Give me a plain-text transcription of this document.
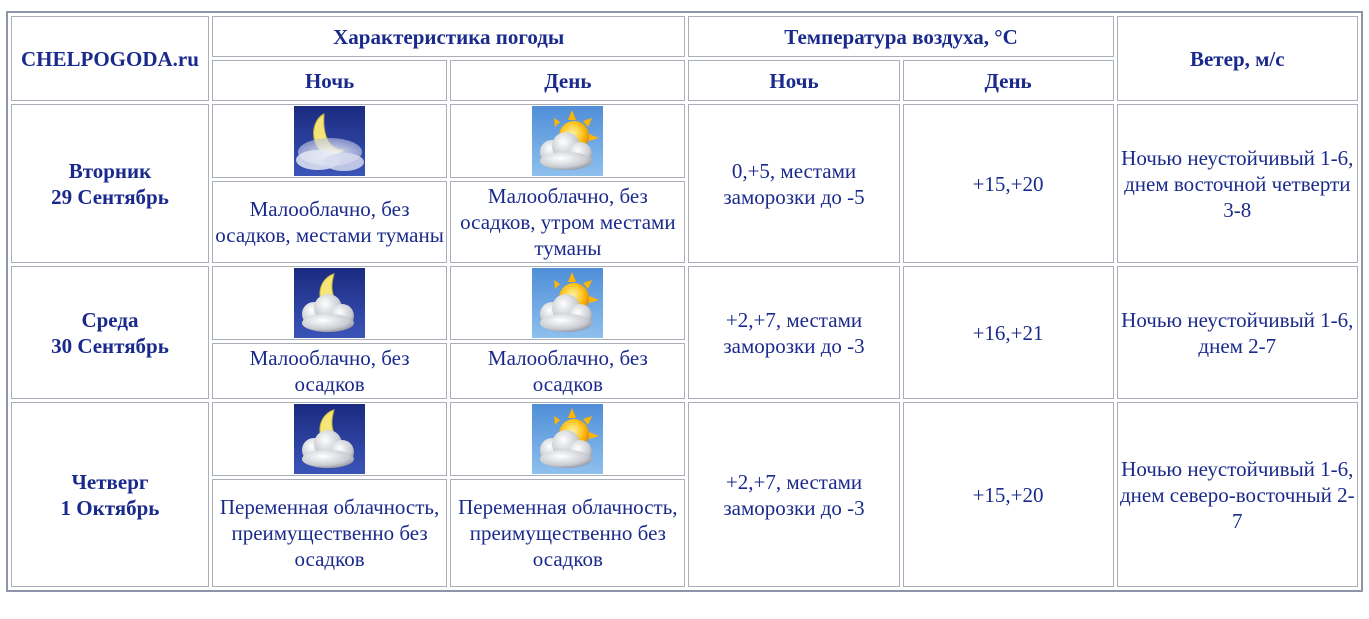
CHELPOGODA.ru	Характеристика погоды		Температура воздуха, °C		Ветер, м/с
	Ночь	День	Ночь	День	
Вторник
29 Сентябрь			0,+5, местами заморозки до -5	+15,+20	Ночью неустойчивый 1-6, днем восточной четверти 3-8
	Малооблачно, без осадков, местами туманы	Малооблачно, без осадков, утром местами туманы			
Среда
30 Сентябрь			+2,+7, местами заморозки до -3	+16,+21	Ночью неустойчивый 1-6, днем 2-7
	Малооблачно, без осадков	Малооблачно, без осадков			
Четверг
1 Октябрь			+2,+7, местами заморозки до -3	+15,+20	Ночью неустойчивый 1-6, днем северо-восточный 2-7
	Переменная облачность, преимущественно без осадков	Переменная облачность, преимущественно без осадков			
